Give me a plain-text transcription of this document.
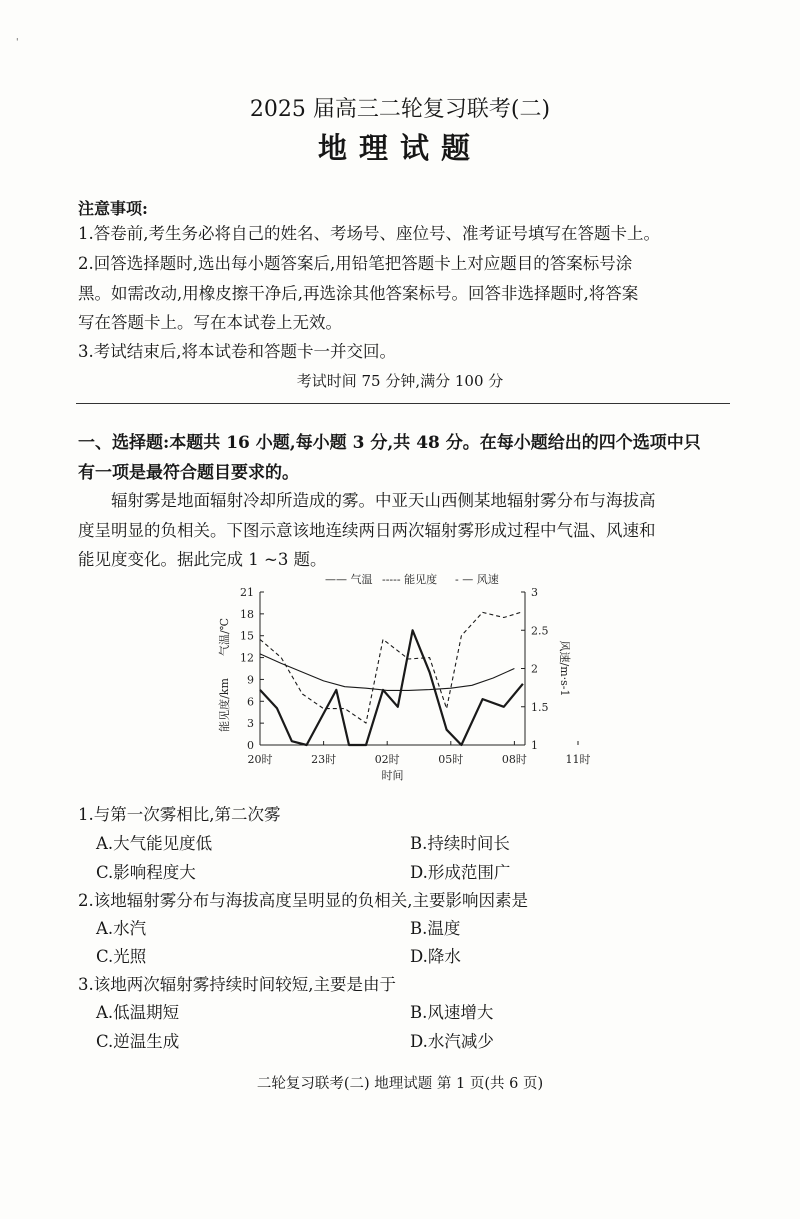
'
2025 届高三二轮复习联考(二)
地理试题
注意事项:
1.答卷前,考生务必将自己的姓名、考场号、座位号、准考证号填写在答题卡上。
2.回答选择题时,选出每小题答案后,用铅笔把答题卡上对应题目的答案标号涂
黑。如需改动,用橡皮擦干净后,再选涂其他答案标号。回答非选择题时,将答案
写在答题卡上。写在本试卷上无效。
3.考试结束后,将本试卷和答题卡一并交回。
考试时间 75 分钟,满分 100 分
一、选择题:本题共 16 小题,每小题 3 分,共 48 分。在每小题给出的四个选项中只
有一项是最符合题目要求的。
辐射雾是地面辐射冷却所造成的雾。中亚天山西侧某地辐射雾分布与海拔高
度呈明显的负相关。下图示意该地连续两日两次辐射雾形成过程中气温、风速和
能见度变化。据此完成 1 ~3 题。
—— 气温 ----- 能见度 - — 风速
0
3
6
9
12
15
18
21
1
1.5
2
2.5
3
20时	23时	02时	05时	08时	11时
时间
气温/℃
能见度/km
风速/m·s-1
1.与第一次雾相比,第二次雾
A.大气能见度低	B.持续时间长
C.影响程度大	D.形成范围广
2.该地辐射雾分布与海拔高度呈明显的负相关,主要影响因素是
A.水汽	B.温度
C.光照	D.降水
3.该地两次辐射雾持续时间较短,主要是由于
A.低温期短	B.风速增大
C.逆温生成	D.水汽减少
二轮复习联考(二) 地理试题 第 1 页(共 6 页)
